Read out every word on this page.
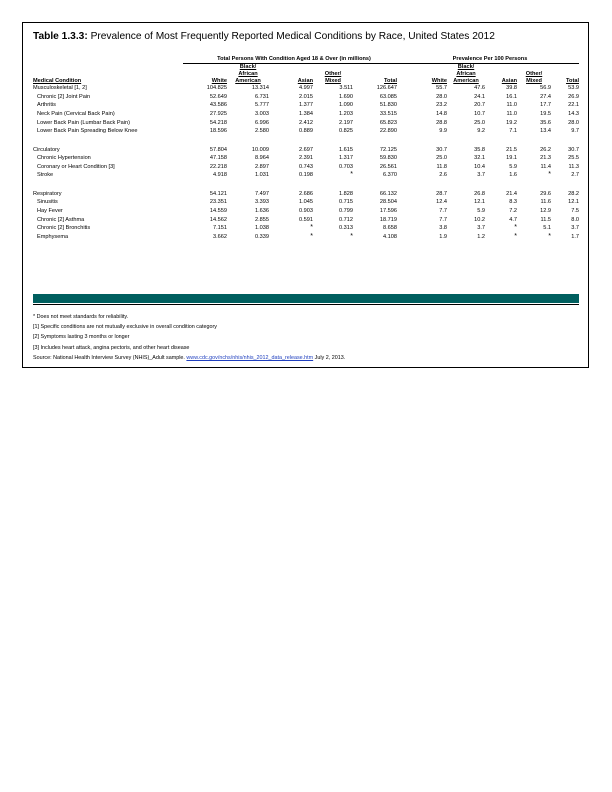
Table 1.3.3: Prevalence of Most Frequently Reported Medical Conditions by Race, United States 2012
Total Persons With Condition Aged 18 & Over (in millions)	Prevalence Per 100 Persons
Medical Condition	White	Black/
African
American	Asian	Other/
Mixed	Total	White	Black/
African
American	Asian	Other/
Mixed	Total
Musculoskeletal [1, 2]	104.825	13.314	4.997	3.511	126.647	55.7	47.6	39.8	56.9	53.9
Chronic [2] Joint Pain	52.649	6.731	2.015	1.690	63.085	28.0	24.1	16.1	27.4	26.9
Arthritis	43.586	5.777	1.377	1.090	51.830	23.2	20.7	11.0	17.7	22.1
Neck Pain (Cervical Back Pain)	27.925	3.003	1.384	1.203	33.515	14.8	10.7	11.0	19.5	14.3
Lower Back Pain (Lumbar Back Pain)	54.218	6.996	2.412	2.197	65.823	28.8	25.0	19.2	35.6	28.0
Lower Back Pain Spreading Below Knee	18.596	2.580	0.889	0.825	22.890	9.9	9.2	7.1	13.4	9.7

Circulatory	57.804	10.009	2.697	1.615	72.125	30.7	35.8	21.5	26.2	30.7
Chronic Hypertension	47.158	8.964	2.391	1.317	59.830	25.0	32.1	19.1	21.3	25.5
Coronary or Heart Condition [3]	22.218	2.897	0.743	0.703	26.561	11.8	10.4	5.9	11.4	11.3
Stroke	4.918	1.031	0.198	*	6.370	2.6	3.7	1.6	*	2.7

Respiratory	54.121	7.497	2.686	1.828	66.132	28.7	26.8	21.4	29.6	28.2
Sinusitis	23.351	3.393	1.045	0.715	28.504	12.4	12.1	8.3	11.6	12.1
Hay Fever	14.559	1.636	0.903	0.799	17.596	7.7	5.9	7.2	12.9	7.5
Chronic [2] Asthma	14.562	2.855	0.591	0.712	18.719	7.7	10.2	4.7	11.5	8.0
Chronic [2] Bronchitis	7.151	1.038	*	0.313	8.658	3.8	3.7	*	5.1	3.7
Emphysema	3.662	0.339	*	*	4.108	1.9	1.2	*	*	1.7
* Does not meet standards for reliability.
[1] Specific conditions are not mutually exclusive in overall condition category
[2] Symptoms lasting 3 months or longer
[3] Includes heart attack, angina pectoris, and other heart disease
Source: National Health Interview Survey (NHIS)_Adult sample. www.cdc.gov/nchs/nhis/nhis_2012_data_release.htm July 2, 2013.
